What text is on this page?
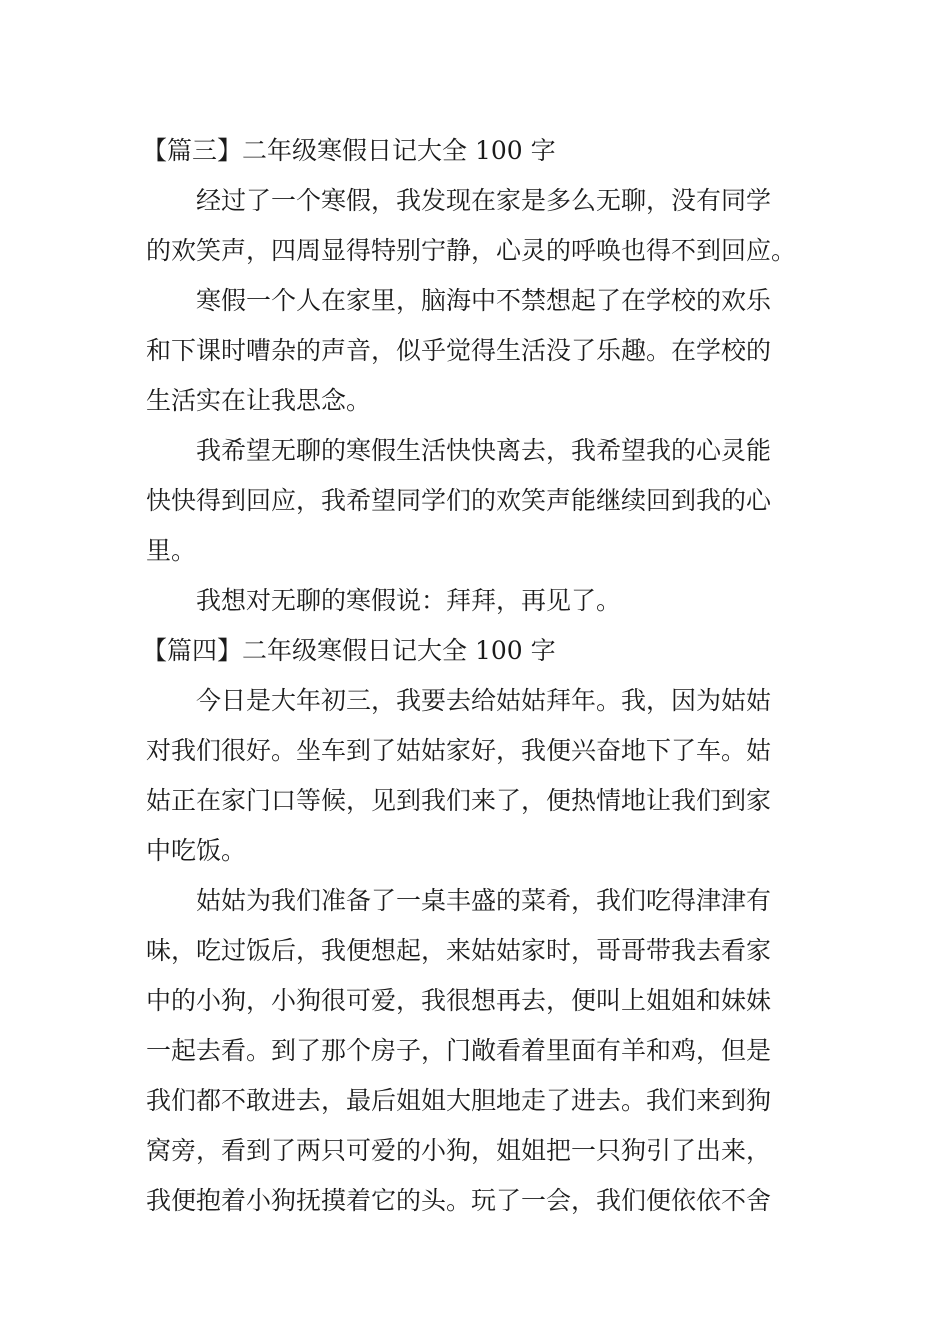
【篇三】二年级寒假日记大全 100 字
经过了一个寒假，我发现在家是多么无聊，没有同学
的欢笑声，四周显得特别宁静，心灵的呼唤也得不到回应。
寒假一个人在家里，脑海中不禁想起了在学校的欢乐
和下课时嘈杂的声音，似乎觉得生活没了乐趣。在学校的
生活实在让我思念。
我希望无聊的寒假生活快快离去，我希望我的心灵能
快快得到回应，我希望同学们的欢笑声能继续回到我的心
里。
我想对无聊的寒假说：拜拜，再见了。
【篇四】二年级寒假日记大全 100 字
今日是大年初三，我要去给姑姑拜年。我，因为姑姑
对我们很好。坐车到了姑姑家好，我便兴奋地下了车。姑
姑正在家门口等候，见到我们来了，便热情地让我们到家
中吃饭。
姑姑为我们准备了一桌丰盛的菜肴，我们吃得津津有
味，吃过饭后，我便想起，来姑姑家时，哥哥带我去看家
中的小狗，小狗很可爱，我很想再去，便叫上姐姐和妹妹
一起去看。到了那个房子，门敞看着里面有羊和鸡，但是
我们都不敢进去，最后姐姐大胆地走了进去。我们来到狗
窝旁，看到了两只可爱的小狗，姐姐把一只狗引了出来，
我便抱着小狗抚摸着它的头。玩了一会，我们便依依不舍
